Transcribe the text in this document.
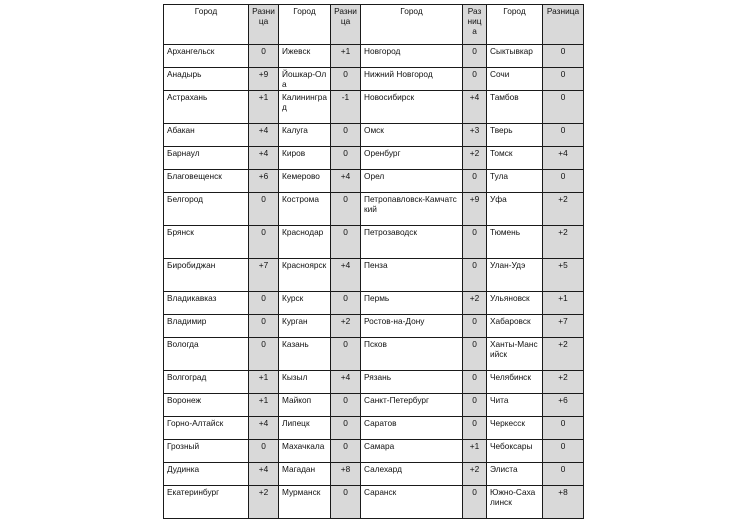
Город	Разница	Город	Разница	Город	Разница	Город	Разница
Архангельск	0	Ижевск	+1	Новгород	0	Сыктывкар	0
Анадырь	+9	Йошкар-Ола	0	Нижний Новгород	0	Сочи	0
Астрахань	+1	Калининград	-1	Новосибирск	+4	Тамбов	0
Абакан	+4	Калуга	0	Омск	+3	Тверь	0
Барнаул	+4	Киров	0	Оренбург	+2	Томск	+4
Благовещенск	+6	Кемерово	+4	Орел	0	Тула	0
Белгород	0	Кострома	0	Петропавловск-Камчатский	+9	Уфа	+2
Брянск	0	Краснодар	0	Петрозаводск	0	Тюмень	+2
Биробиджан	+7	Красноярск	+4	Пенза	0	Улан-Удэ	+5
Владикавказ	0	Курск	0	Пермь	+2	Ульяновск	+1
Владимир	0	Курган	+2	Ростов-на-Дону	0	Хабаровск	+7
Вологда	0	Казань	0	Псков	0	Ханты-Мансийск	+2
Волгоград	+1	Кызыл	+4	Рязань	0	Челябинск	+2
Воронеж	+1	Майкоп	0	Санкт-Петербург	0	Чита	+6
Горно-Алтайск	+4	Липецк	0	Саратов	0	Черкесск	0
Грозный	0	Махачкала	0	Самара	+1	Чебоксары	0
Дудинка	+4	Магадан	+8	Салехард	+2	Элиста	0
Екатеринбург	+2	Мурманск	0	Саранск	0	Южно-Сахалинск	+8
